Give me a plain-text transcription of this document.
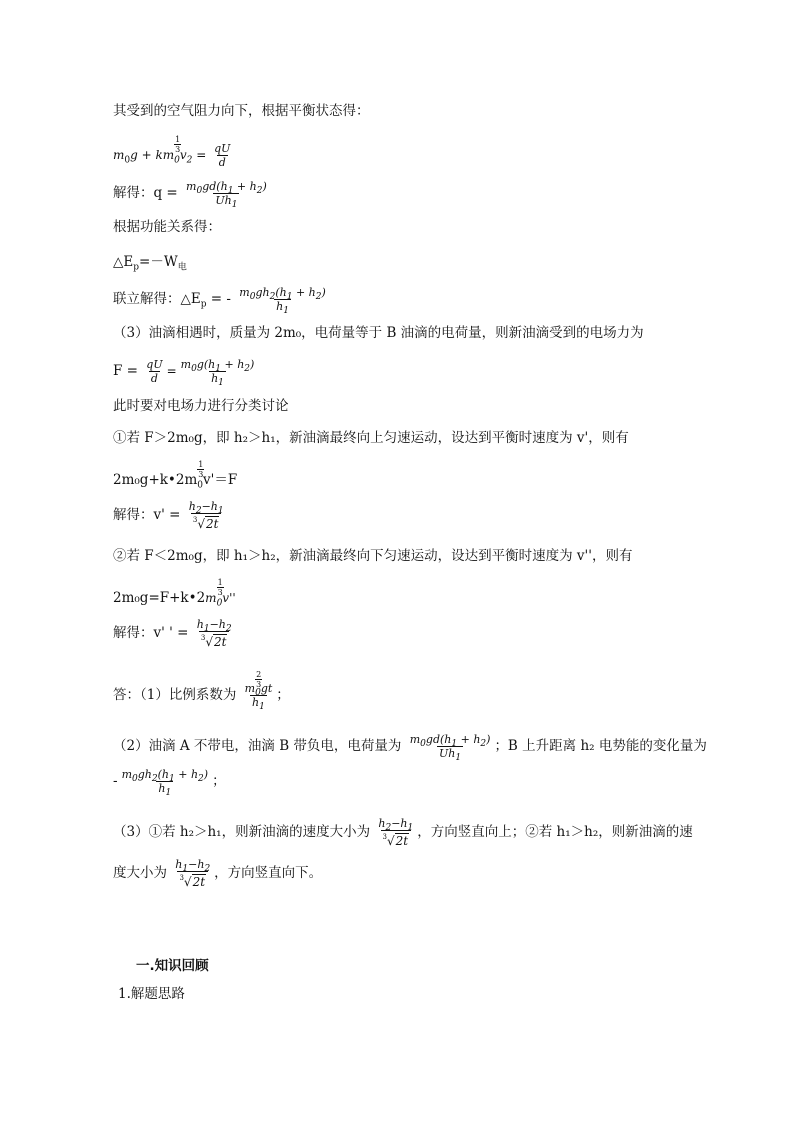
其受到的空气阻力向下，根据平衡状态得：
$m_0g$ + km
1
3
$_0v_2 = \frac{qU}{d}$
解得：$q = \frac{m_0gd(h_1 + h_2)}{Uh_1}$
根据功能关系得：
$\triangle E_p=-W_电$
联立解得：$\triangle E_p$ = - $\frac{m_0gh_2(h_1 + h_2)}{h_1}$
（3）油滴相遇时，质量为 2m₀，电荷量等于 B 油滴的电荷量，则新油滴受到的电场力为
$F = \frac{qU}{d} = \frac{m_0g(h_1 + h_2)}{h_1}$
此时要对电场力进行分类讨论
①若 F＞2m₀g，即 h₂＞h₁，新油滴最终向上匀速运动，设达到平衡时速度为 v'，则有
2m₀g+k•2m
1
3
$_0$v'＝F
解得：$v' = \frac{h_2-h_1}{^3√2t}$
②若 F＜2m₀g，即 h₁＞h₂，新油滴最终向下匀速运动，设达到平衡时速度为 v''，则有
2m₀g=F+k•2m
1
3
$_0$v''
解得：v' ' = $\frac{h_1-h_2}{^3√2t}$
答：（1）比例系数为 m
2
3
$_0$gt
$h_1$ ；
（2）油滴 A 不带电，油滴 B 带负电，电荷量为 $\frac{m_0gd(h_1 + h_2)}{Uh_1}$ ；B 上升距离 h₂ 电势能的变化量为
- $\frac{m_0gh_2(h_1 + h_2)}{h_1}$ ；
（3）①若 h₂＞h₁，则新油滴的速度大小为 $\frac{h_2-h_1}{^3√2t}$ ，方向竖直向上；②若 h₁＞h₂，则新油滴的速
度大小为 $\frac{h_1-h_2}{^3√2t}$ ，方向竖直向下。
一.知识回顾
1.解题思路
